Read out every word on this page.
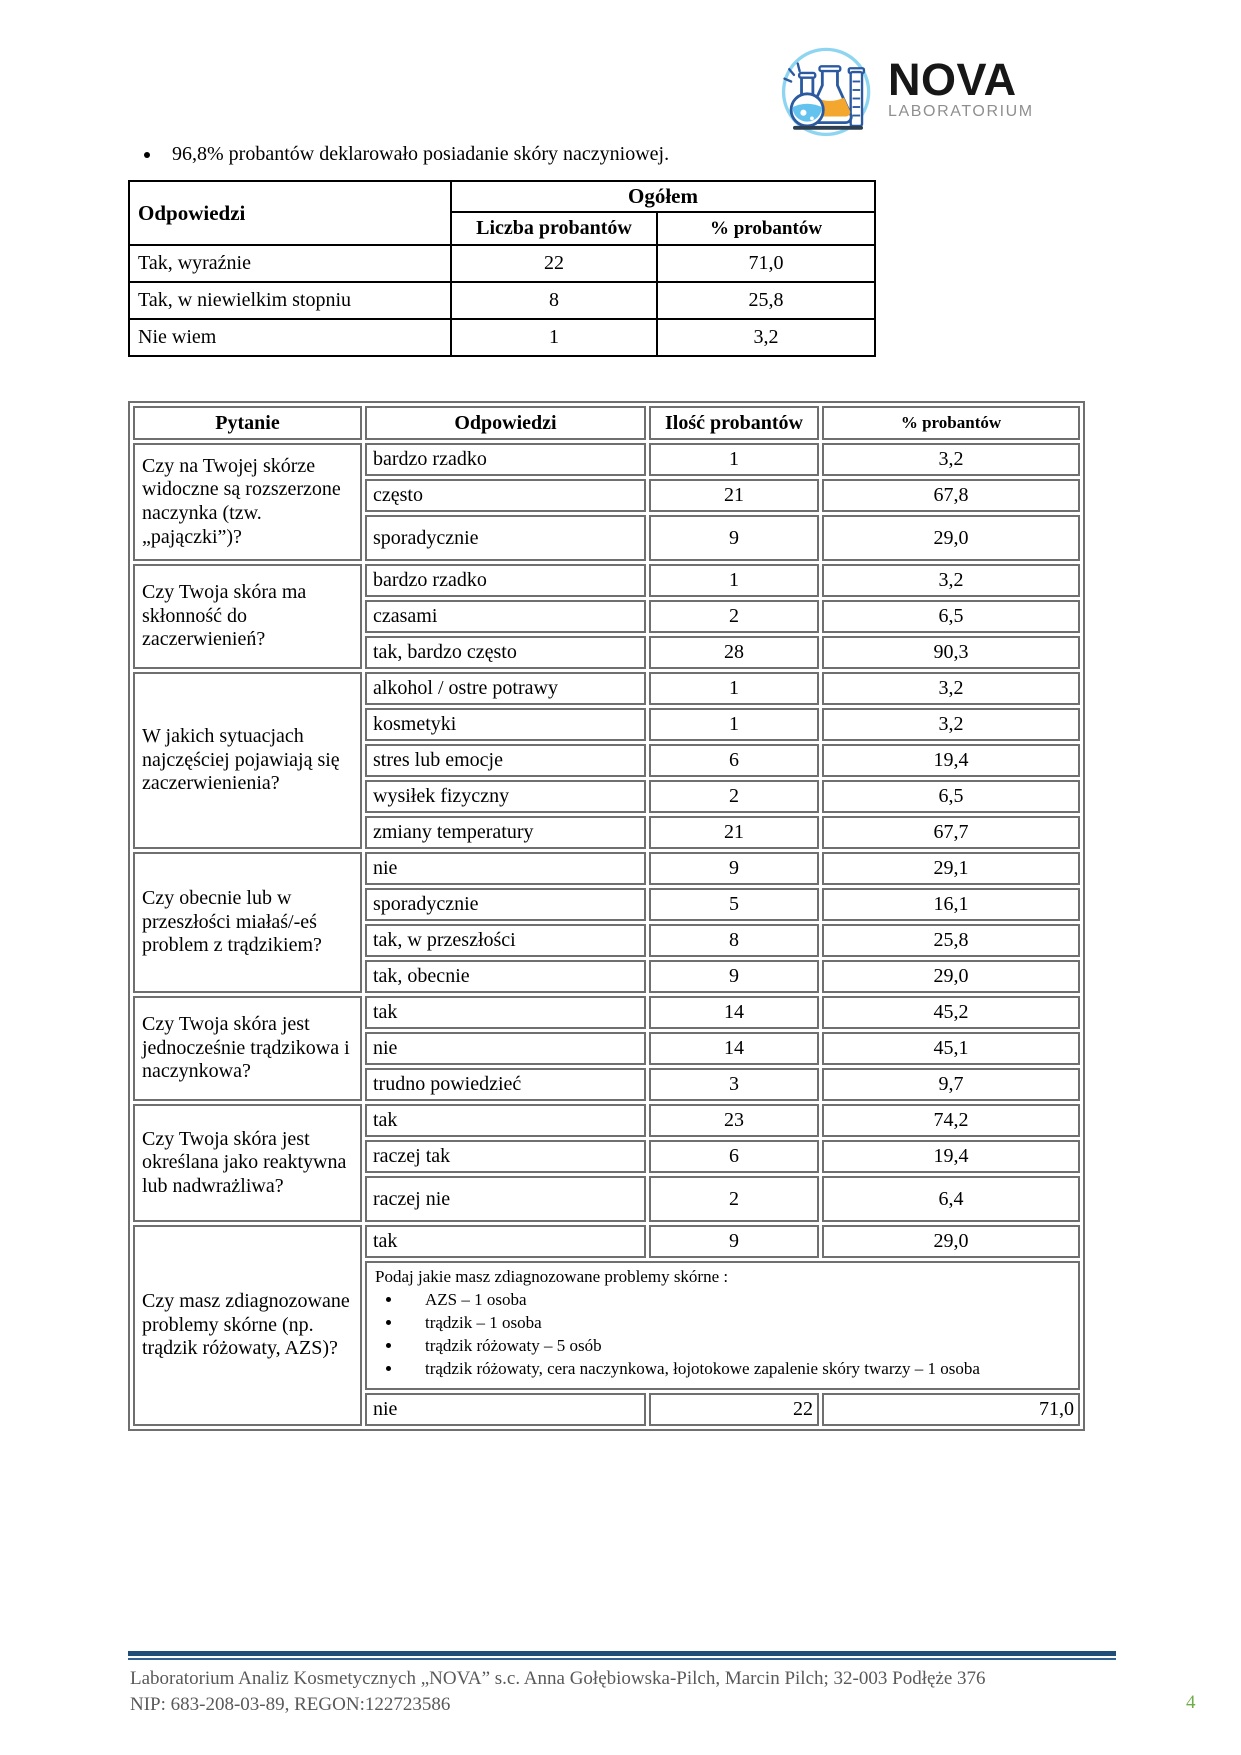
NOVA
LABORATORIUM
• 96,8% probantów deklarowało posiadanie skóry naczyniowej.
Odpowiedzi	Ogółem	
	Liczba probantów	% probantów
Tak, wyraźnie	22	71,0
Tak, w niewielkim stopniu	8	25,8
Nie wiem	1	3,2
Pytanie	Odpowiedzi	Ilość probantów	% probantów
Czy na Twojej skórze widoczne są rozszerzone naczynka (tzw. „pajączki”)?	bardzo rzadko	1	3,2
	często	21	67,8
	sporadycznie	9	29,0
Czy Twoja skóra ma skłonność do zaczerwienień?	bardzo rzadko	1	3,2
	czasami	2	6,5
	tak, bardzo często	28	90,3
W jakich sytuacjach najczęściej pojawiają się zaczerwienienia?	alkohol / ostre potrawy	1	3,2
	kosmetyki	1	3,2
	stres lub emocje	6	19,4
	wysiłek fizyczny	2	6,5
	zmiany temperatury	21	67,7
Czy obecnie lub w przeszłości miałaś/-eś problem z trądzikiem?	nie	9	29,1
	sporadycznie	5	16,1
	tak, w przeszłości	8	25,8
	tak, obecnie	9	29,0
Czy Twoja skóra jest jednocześnie trądzikowa i naczynkowa?	tak	14	45,2
	nie	14	45,1
	trudno powiedzieć	3	9,7
Czy Twoja skóra jest określana jako reaktywna lub nadwrażliwa?	tak	23	74,2
	raczej tak	6	19,4
	raczej nie	2	6,4
Czy masz zdiagnozowane problemy skórne (np. trądzik różowaty, AZS)?	tak	9	29,0

Podaj jakie masz zdiagnozowane problemy skórne :
• AZS – 1 osoba
• trądzik – 1 osoba
• trądzik różowaty – 5 osób
• trądzik różowaty, cera naczynkowa, łojotokowe zapalenie skóry twarzy – 1 osoba

	nie	22	71,0
Laboratorium Analiz Kosmetycznych „NOVA” s.c. Anna Gołębiowska-Pilch, Marcin Pilch; 32-003 Podłęże 376
NIP: 683-208-03-89, REGON:122723586	4
